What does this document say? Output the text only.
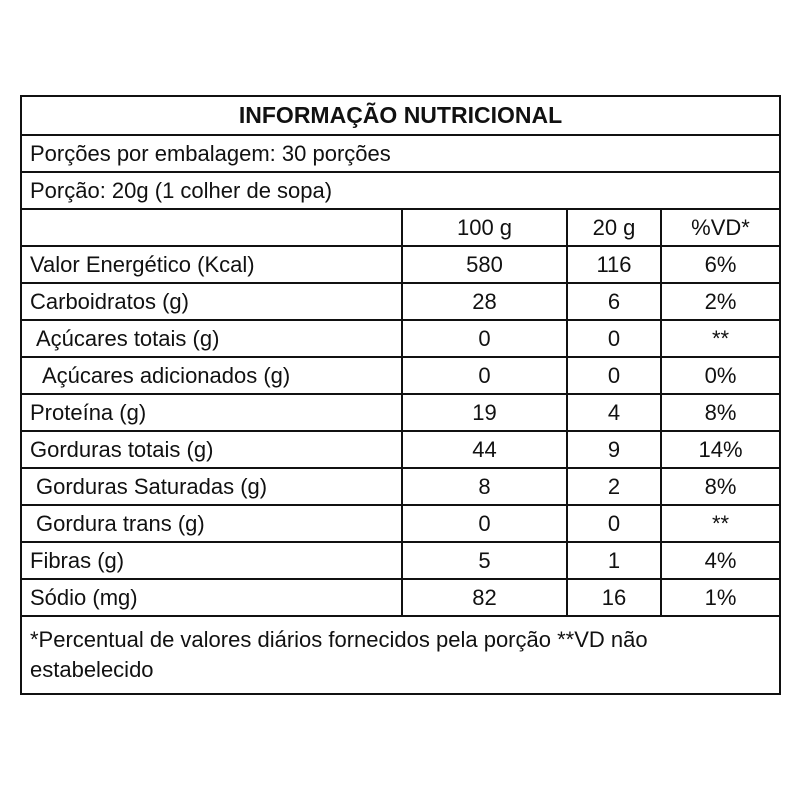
INFORMAÇÃO NUTRICIONAL
Porções por embalagem: 30 porções
Porção: 20g (1 colher de sopa)
100 g	20 g	%VD*
Valor Energético (Kcal)	580	116	6%
Carboidratos (g)	28	6	2%
Açúcares totais (g)	0	0	**
Açúcares adicionados (g)	0	0	0%
Proteína (g)	19	4	8%
Gorduras totais (g)	44	9	14%
Gorduras Saturadas (g)	8	2	8%
Gordura trans (g)	0	0	**
Fibras (g)	5	1	4%
Sódio (mg)	82	16	1%
*Percentual de valores diários fornecidos pela porção **VD não estabelecido
